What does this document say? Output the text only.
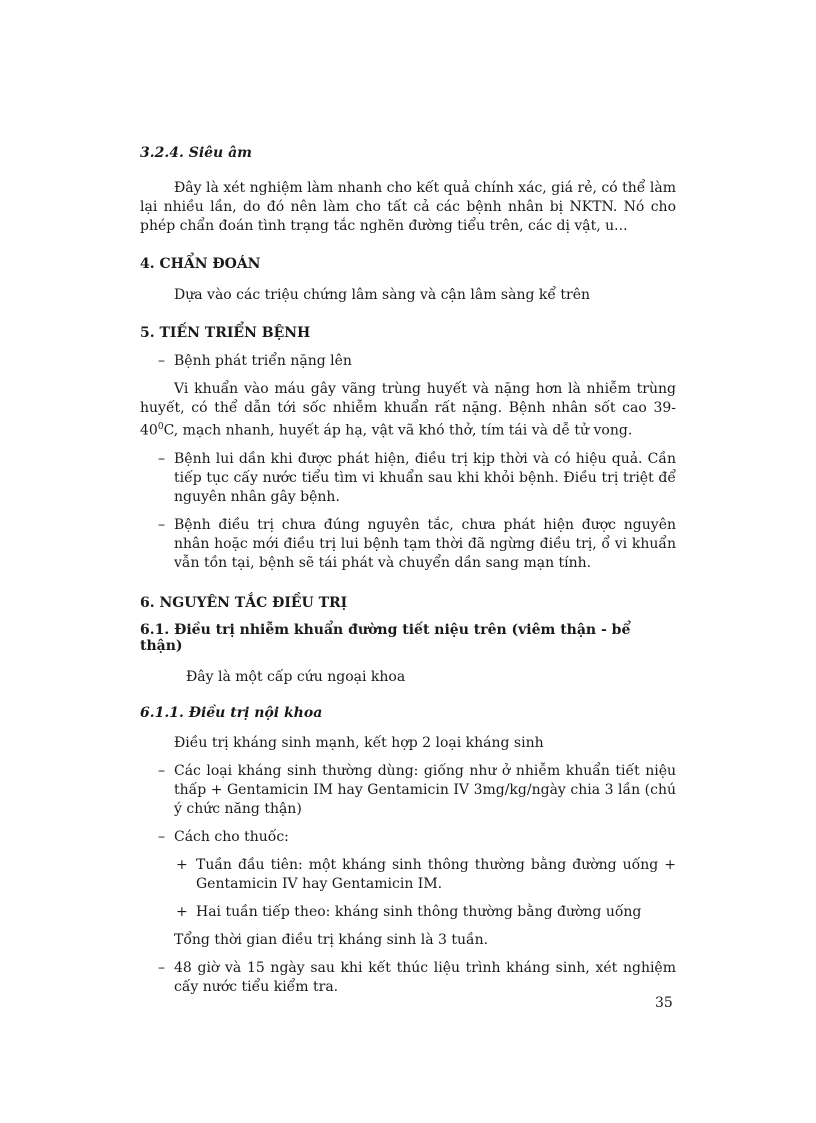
3.2.4. Siêu âm

Đây là xét nghiệm làm nhanh cho kết quả chính xác, giá rẻ, có thể làm lại nhiều lần, do đó nên làm cho tất cả các bệnh nhân bị NKTN. Nó cho phép chẩn đoán tình trạng tắc nghẽn đường tiểu trên, các dị vật, u...

4. CHẨN ĐOÁN

Dựa vào các triệu chứng lâm sàng và cận lâm sàng kể trên

5. TIẾN TRIỂN BỆNH

– Bệnh phát triển nặng lên

Vi khuẩn vào máu gây vãng trùng huyết và nặng hơn là nhiễm trùng huyết, có thể dẫn tới sốc nhiễm khuẩn rất nặng. Bệnh nhân sốt cao $39-40^0C$, mạch nhanh, huyết áp hạ, vật vã khó thở, tím tái và dễ tử vong.

– Bệnh lui dần khi được phát hiện, điều trị kịp thời và có hiệu quả. Cần tiếp tục cấy nước tiểu tìm vi khuẩn sau khi khỏi bệnh. Điều trị triệt để nguyên nhân gây bệnh.
– Bệnh điều trị chưa đúng nguyên tắc, chưa phát hiện được nguyên nhân hoặc mới điều trị lui bệnh tạm thời đã ngừng điều trị, ổ vi khuẩn vẫn tồn tại, bệnh sẽ tái phát và chuyển dần sang mạn tính.

6. NGUYÊN TẮC ĐIỀU TRỊ

6.1. Điều trị nhiễm khuẩn đường tiết niệu trên (viêm thận - bể thận)

Đây là một cấp cứu ngoại khoa

6.1.1. Điều trị nội khoa

Điều trị kháng sinh mạnh, kết hợp 2 loại kháng sinh

– Các loại kháng sinh thường dùng: giống như ở nhiễm khuẩn tiết niệu thấp + Gentamicin IM hay Gentamicin IV 3mg/kg/ngày chia 3 lần (chú ý chức năng thận)
– Cách cho thuốc:
+ Tuần đầu tiên: một kháng sinh thông thường bằng đường uống + Gentamicin IV hay Gentamicin IM.
+ Hai tuần tiếp theo: kháng sinh thông thường bằng đường uống

Tổng thời gian điều trị kháng sinh là 3 tuần.

– 48 giờ và 15 ngày sau khi kết thúc liệu trình kháng sinh, xét nghiệm cấy nước tiểu kiểm tra.
35
